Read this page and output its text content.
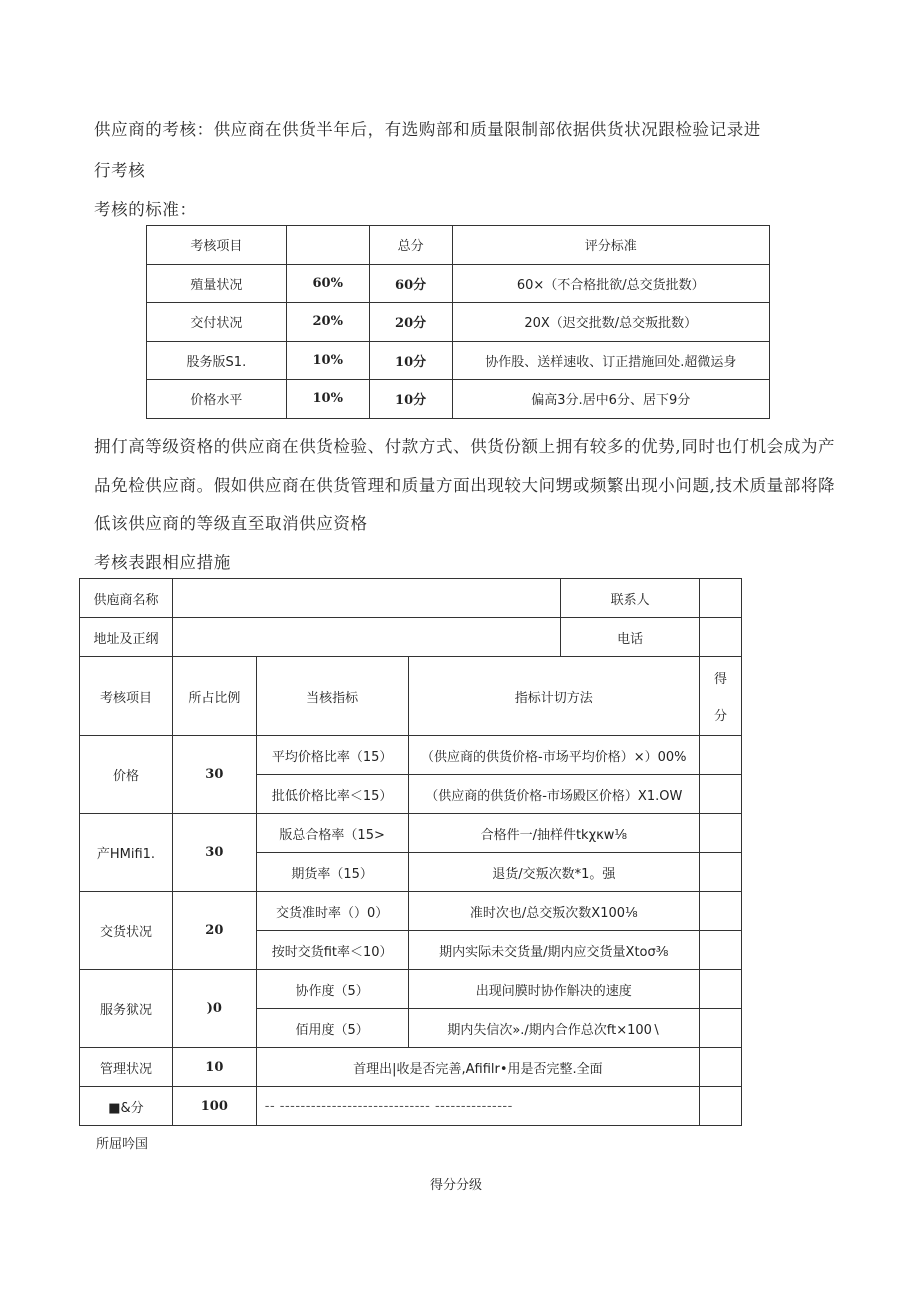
供应商的考核：供应商在供货半年后，有选购部和质量限制部依据供货状况跟检验记录进
行考核
考核的标准：
考核项目		总分	评分标准
殖量状况	60%	60分	60×（不合格批欲/总交货批数）
交付状况	20%	20分	20X（迟交批数/总交叛批数）
股务版S1.	10%	10分	协作股、送样速收、订正措施回处.超微运身
价格水平	10%	10分	偏高3分.居中6分、居下9分
拥仃高等级资格的供应商在供货检验、付款方式、供货份额上拥有较多的优势,同时也仃机会成为产
品免检供应商。假如供应商在供货管理和质量方面出现较大问甥或频繁出现小问题,技术质量部将降
低该供应商的等级直至取消供应资格
考核表跟相应措施
供庖商名称				联系人	
地址及正纲				电话	
考核项目	所占比例	当核指标	指标计切方法		得
分

价格	30	平均价格比率（15）	（供应商的供货价格-市场平均价格）×）00%		
		批低价格比率＜15）	（供应商的供货价格-市场殿区价格）X1.OW		
产HMifi1.	30	版总合格率（15>	合格件一/抽样件tkχκw⅛		
		期货率（15）	退货/交叛次数*1。强		
交货状况	20	交货准时率（）0）	准时次也/总交叛次数X100⅛		
		按时交货fit率＜10）	期内实际未交货量/期内应交货量Xtoσ⅜		
服务狱况	)0	协作度（5）	出现问膜时协作斛决的速度		
		佰用度（5）	期内失信次».∕期内合作总次ft×100∖		
管理状况	10	首理出|收是否完善,Afifilr•用是否完整.全面			
■&分	100	-- ----------------------------- ---------------			
所屈吟国
得分分级
